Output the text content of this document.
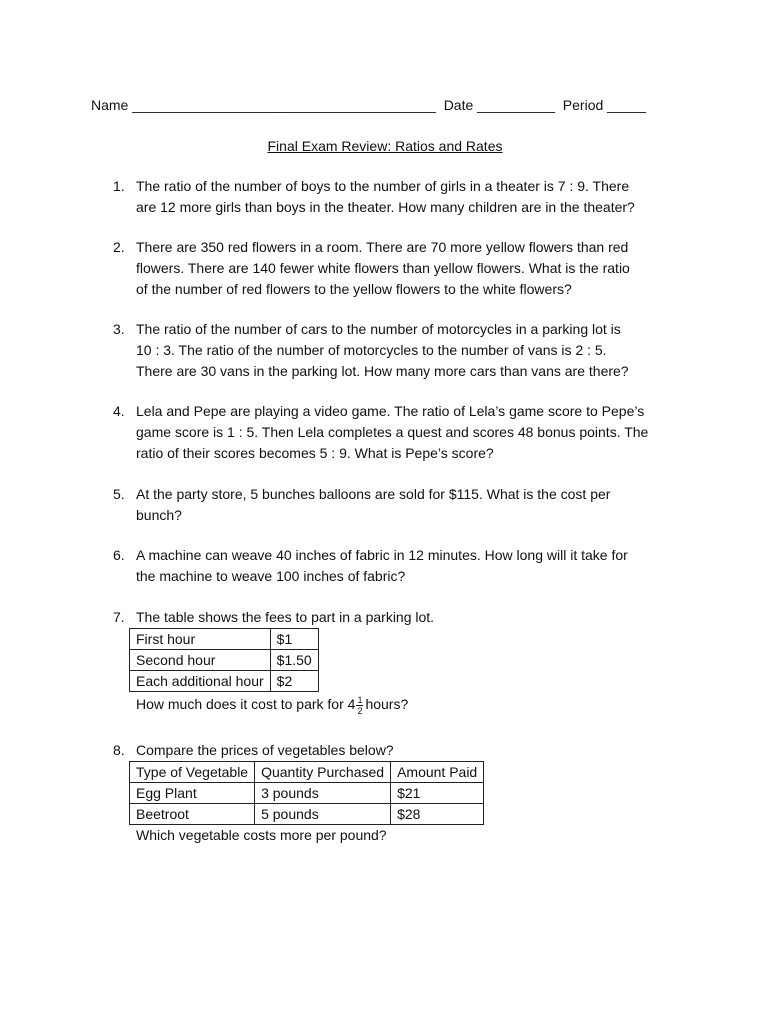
Name _______________________________________ Date __________ Period _____
Final Exam Review: Ratios and Rates
1. The ratio of the number of boys to the number of girls in a theater is 7 : 9. There

are 12 more girls than boys in the theater. How many children are in the theater?

2. There are 350 red flowers in a room. There are 70 more yellow flowers than red

flowers. There are 140 fewer white flowers than yellow flowers. What is the ratio

of the number of red flowers to the yellow flowers to the white flowers?

3. The ratio of the number of cars to the number of motorcycles in a parking lot is

10 : 3. The ratio of the number of motorcycles to the number of vans is 2 : 5.

There are 30 vans in the parking lot. How many more cars than vans are there?

4. Lela and Pepe are playing a video game. The ratio of Lela’s game score to Pepe’s

game score is 1 : 5. Then Lela completes a quest and scores 48 bonus points. The

ratio of their scores becomes 5 : 9. What is Pepe’s score?

5. At the party store, 5 bunches balloons are sold for $115. What is the cost per

bunch?

6. A machine can weave 40 inches of fabric in 12 minutes. How long will it take for

the machine to weave 100 inches of fabric?

7. The table shows the fees to part in a parking lot.

First hour	$1
Second hour	$1.50
Each additional hour	$2

How much does it cost to park for $4 \frac{1}{2}$ hours?

8. Compare the prices of vegetables below?

Type of Vegetable	Quantity Purchased	Amount Paid
Egg Plant	3 pounds	$21
Beetroot	5 pounds	$28

Which vegetable costs more per pound?
